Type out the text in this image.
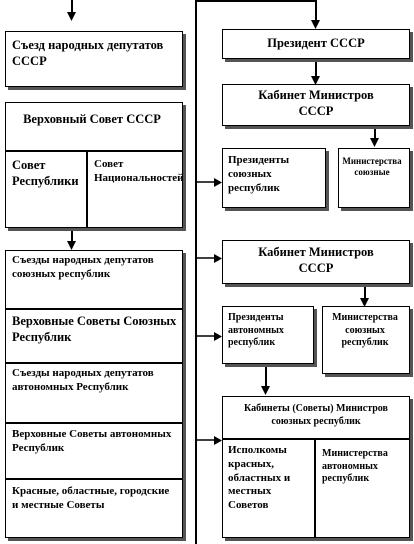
Съезд народных депутатов СССР
Верховный Совет СССР
Совет Республики
Совет Национальностей
Съезды народных депутатов союзных республик
Верховные Советы Союзных Республик
Съезды народных депутатов автономных Республик
Верховные Советы автономных Республик
Красные, областные, городские и местные Советы
Президент СССР
Кабинет Министров СССР
Президенты союзных республик
Министерства союзные
Кабинет Министров СССР
Президенты автономных республик
Министерства союзных республик
Кабинеты (Советы) Министров союзных республик
Исполкомы красных, областных и местных Советов
Министерства автономных республик
